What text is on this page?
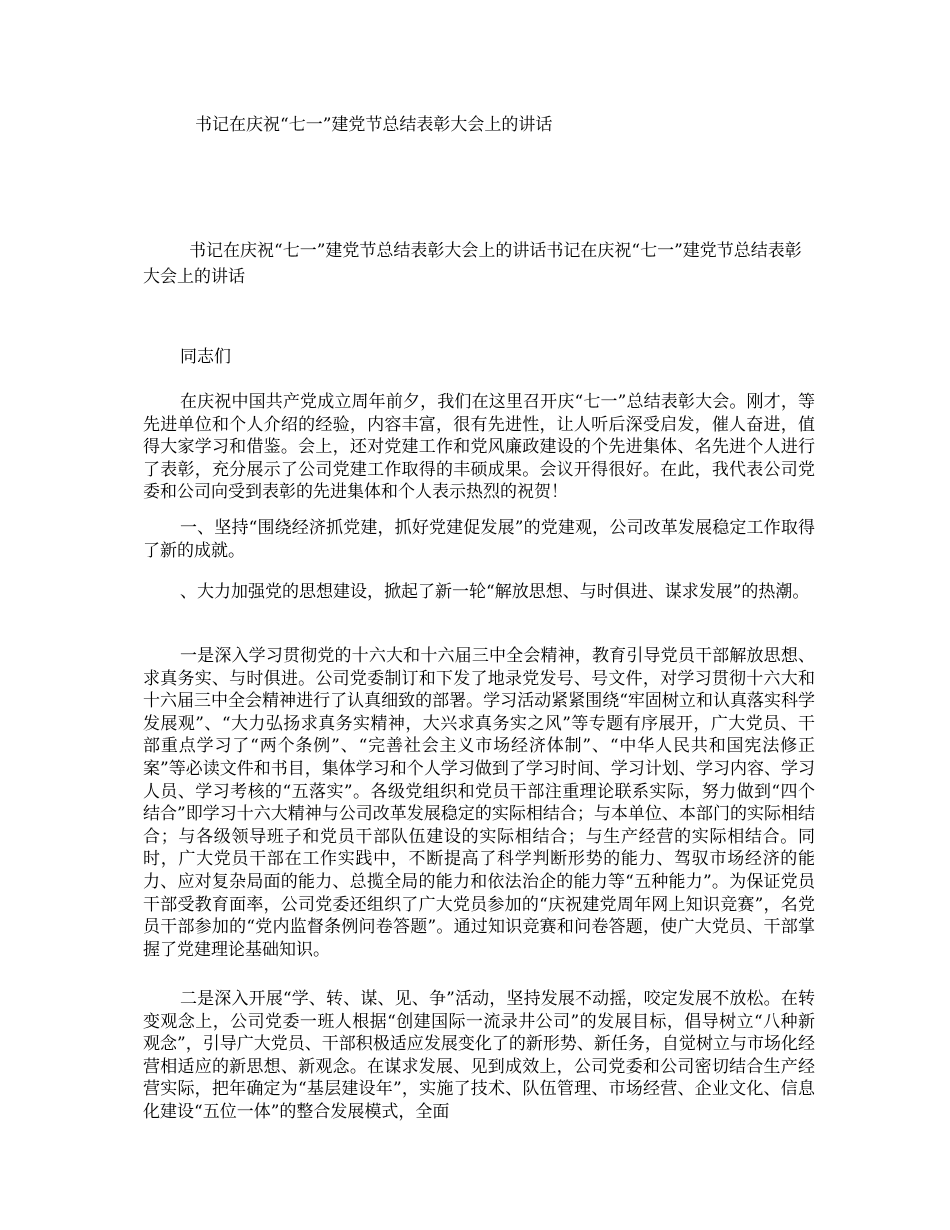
书记在庆祝“七一”建党节总结表彰大会上的讲话
书记在庆祝“七一”建党节总结表彰大会上的讲话书记在庆祝“七一”建党节总结表彰大会上的讲话
同志们
在庆祝中国共产党成立周年前夕，我们在这里召开庆“七一”总结表彰大会。刚才，等先进单位和个人介绍的经验，内容丰富，很有先进性，让人听后深受启发，催人奋进，值得大家学习和借鉴。会上，还对党建工作和党风廉政建设的个先进集体、名先进个人进行了表彰，充分展示了公司党建工作取得的丰硕成果。会议开得很好。在此，我代表公司党委和公司向受到表彰的先进集体和个人表示热烈的祝贺！
一、坚持“围绕经济抓党建，抓好党建促发展”的党建观，公司改革发展稳定工作取得了新的成就。
、大力加强党的思想建设，掀起了新一轮“解放思想、与时俱进、谋求发展”的热潮。
一是深入学习贯彻党的十六大和十六届三中全会精神，教育引导党员干部解放思想、求真务实、与时俱进。公司党委制订和下发了地录党发号、号文件，对学习贯彻十六大和十六届三中全会精神进行了认真细致的部署。学习活动紧紧围绕“牢固树立和认真落实科学发展观”、“大力弘扬求真务实精神，大兴求真务实之风”等专题有序展开，广大党员、干部重点学习了“两个条例”、“完善社会主义市场经济体制”、“中华人民共和国宪法修正案”等必读文件和书目，集体学习和个人学习做到了学习时间、学习计划、学习内容、学习人员、学习考核的“五落实”。各级党组织和党员干部注重理论联系实际，努力做到“四个结合”即学习十六大精神与公司改革发展稳定的实际相结合；与本单位、本部门的实际相结合；与各级领导班子和党员干部队伍建设的实际相结合；与生产经营的实际相结合。同时，广大党员干部在工作实践中，不断提高了科学判断形势的能力、驾驭市场经济的能力、应对复杂局面的能力、总揽全局的能力和依法治企的能力等“五种能力”。为保证党员干部受教育面率，公司党委还组织了广大党员参加的“庆祝建党周年网上知识竞赛”，名党员干部参加的“党内监督条例问卷答题”。通过知识竞赛和问卷答题，使广大党员、干部掌握了党建理论基础知识。
二是深入开展“学、转、谋、见、争”活动，坚持发展不动摇，咬定发展不放松。在转变观念上，公司党委一班人根据“创建国际一流录井公司”的发展目标，倡导树立“八种新观念”，引导广大党员、干部积极适应发展变化了的新形势、新任务，自觉树立与市场化经营相适应的新思想、新观念。在谋求发展、见到成效上，公司党委和公司密切结合生产经营实际，把年确定为“基层建设年”，实施了技术、队伍管理、市场经营、企业文化、信息化建设“五位一体”的整合发展模式，全面
